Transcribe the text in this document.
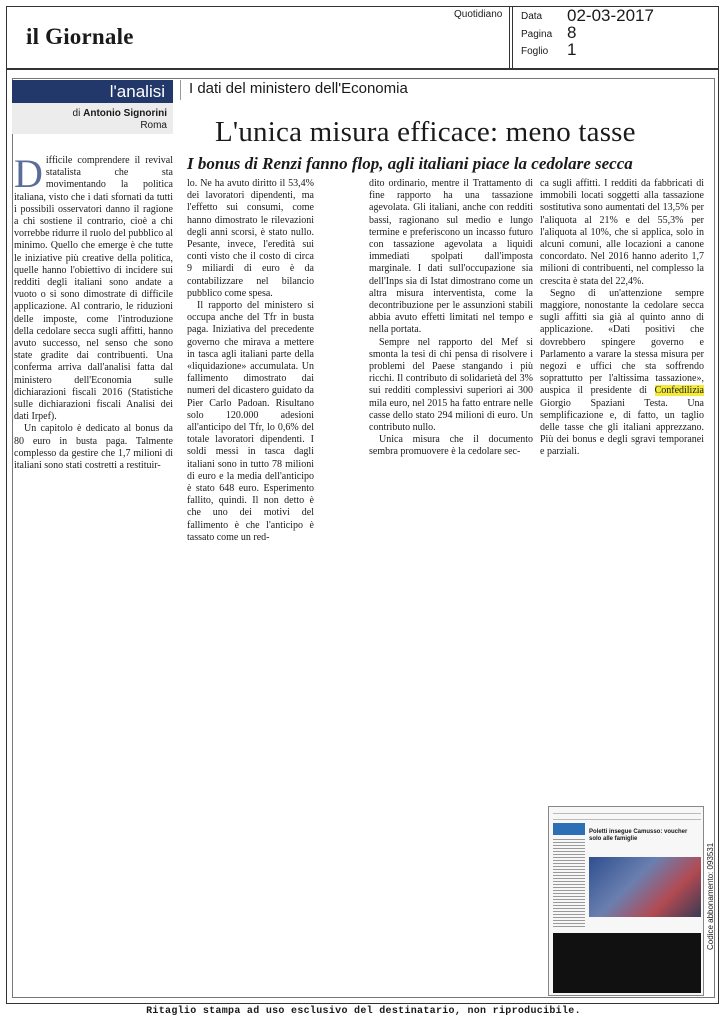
il Giornale
Quotidiano Data 02-03-2017
Pagina 8
Foglio 1
l'analisi
di Antonio Signorini
Roma
I dati del ministero dell'Economia
L'unica misura efficace: meno tasse
I bonus di Renzi fanno flop, agli italiani piace la cedolare secca

Difficile comprendere il revival statalista che sta movimentando la politica italiana, visto che i dati sfornati da tutti i possibili osservatori danno il ragione a chi sostiene il contrario, cioè a chi vorrebbe ridurre il ruolo del pubblico al minimo. Quello che emerge è che tutte le iniziative più creative della politica, quelle hanno l'obiettivo di incidere sui redditi degli italiani sono andate a vuoto o si sono dimostrate di difficile applicazione. Al contrario, le riduzioni delle imposte, come l'introduzione della cedolare secca sugli affitti, hanno avuto successo, nel senso che sono state gradite dai contribuenti. Una conferma arriva dall'analisi fatta dal ministero dell'Economia sulle dichiarazioni fiscali 2016 (Statistiche sulle dichiarazioni fiscali Analisi dei dati Irpef).

Un capitolo è dedicato al bonus da 80 euro in busta paga. Talmente complesso da gestire che 1,7 milioni di italiani sono stati costretti a restituir-

lo. Ne ha avuto diritto il 53,4% dei lavoratori dipendenti, ma l'effetto sui consumi, come hanno dimostrato le rilevazioni degli anni scorsi, è stato nullo. Pesante, invece, l'eredità sui conti visto che il costo di circa 9 miliardi di euro è da contabilizzare nel bilancio pubblico come spesa.

Il rapporto del ministero si occupa anche del Tfr in busta paga. Iniziativa del precedente governo che mirava a mettere in tasca agli italiani parte della «liquidazione» accumulata. Un fallimento dimostrato dai numeri del dicastero guidato da Pier Carlo Padoan. Risultano solo 120.000 adesioni all'anticipo del Tfr, lo 0,6% del totale lavoratori dipendenti. I soldi messi in tasca dagli italiani sono in tutto 78 milioni di euro e la media dell'anticipo è stato 648 euro. Esperimento fallito, quindi. Il non detto è che uno dei motivi del fallimento è che l'anticipo è tassato come un red-

dito ordinario, mentre il Trattamento di fine rapporto ha una tassazione agevolata. Gli italiani, anche con redditi bassi, ragionano sul medio e lungo termine e preferiscono un incasso futuro con tassazione agevolata a liquidi immediati spolpati dall'imposta marginale. I dati sull'occupazione sia dell'Inps sia di Istat dimostrano come un altra misura interventista, come la decontribuzione per le assunzioni stabili abbia avuto effetti limitati nel tempo e nella portata.

Sempre nel rapporto del Mef si smonta la tesi di chi pensa di risolvere i problemi del Paese stangando i più ricchi. Il contributo di solidarietà del 3% sui redditi complessivi superiori ai 300 mila euro, nel 2015 ha fatto entrare nelle casse dello stato 294 milioni di euro. Un contributo nullo.

Unica misura che il documento sembra promuovere è la cedolare sec-

ca sugli affitti. I redditi da fabbricati di immobili locati soggetti alla tassazione sostitutiva sono aumentati del 13,5% per l'aliquota al 21% e del 55,3% per l'aliquota al 10%, che si applica, solo in alcuni comuni, alle locazioni a canone concordato. Nel 2016 hanno aderito 1,7 milioni di contribuenti, nel complesso la crescita è stata del 22,4%.

Segno di un'attenzione sempre maggiore, nonostante la cedolare secca sugli affitti sia già al quinto anno di applicazione. «Dati positivi che dovrebbero spingere governo e Parlamento a varare la stessa misura per negozi e uffici che sta soffrendo soprattutto per l'altissima tassazione», auspica il presidente di Confedilizia Giorgio Spaziani Testa. Una semplificazione e, di fatto, un taglio delle tasse che gli italiani apprezzano. Più dei bonus e degli sgravi temporanei e parziali.

Poletti insegue Camusso: voucher solo alle famiglie
Codice abbonamento: 093531
Ritaglio stampa ad uso esclusivo del destinatario, non riproducibile.
